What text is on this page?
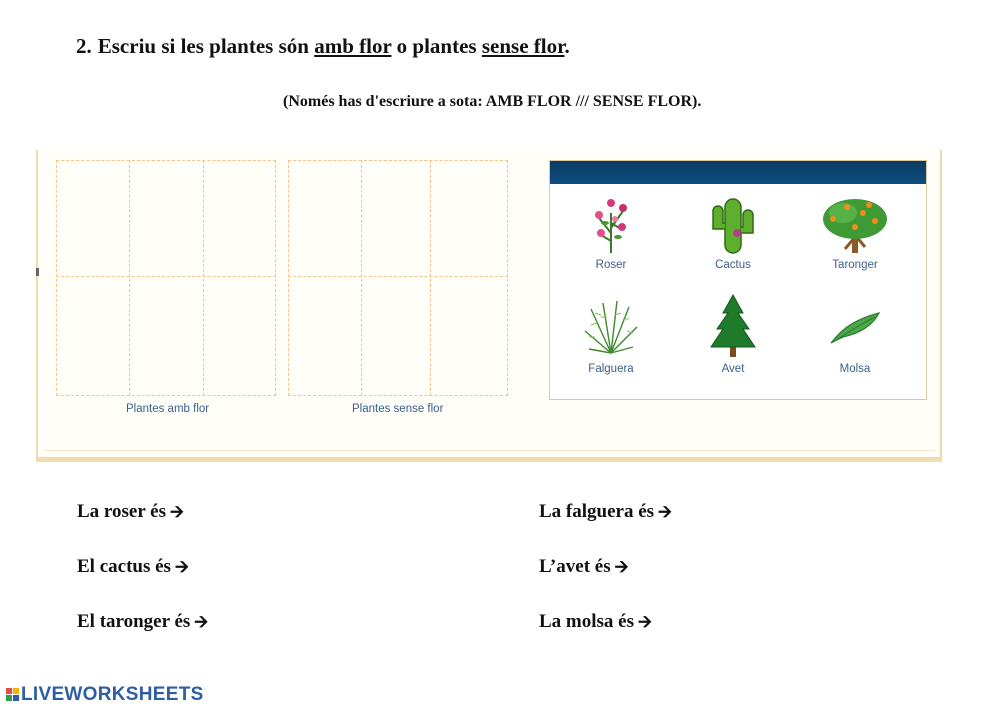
2. Escriu si les plantes són amb flor o plantes sense flor.
(Només has d'escriure a sota: AMB FLOR /// SENSE FLOR).
Plantes amb flor	Plantes sense flor
Roser	Cactus	Taronger
Falguera	Avet	Molsa
La roser és 🡪
El cactus és 🡪
El taronger és 🡪
La falguera és 🡪
L’avet és 🡪
La molsa és 🡪
LIVEWORKSHEETS
